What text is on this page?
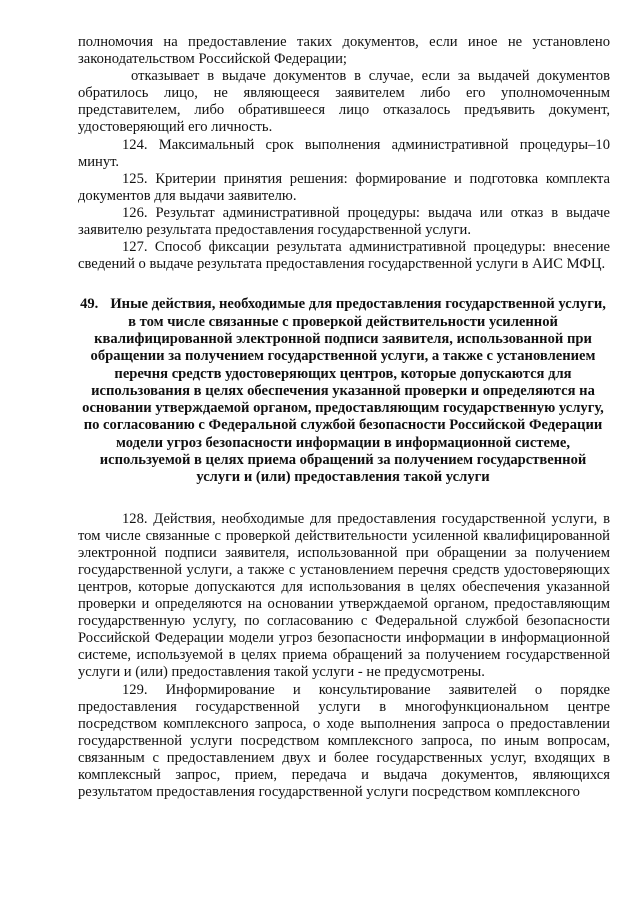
полномочия на предоставление таких документов, если иное не установлено законодательством Российской Федерации;

отказывает в выдаче документов в случае, если за выдачей документов обратилось лицо, не являющееся заявителем либо его уполномоченным представителем, либо обратившееся лицо отказалось предъявить документ, удостоверяющий его личность.

124. Максимальный срок выполнения административной процедуры–10 минут.

125. Критерии принятия решения: формирование и подготовка комплекта документов для выдачи заявителю.

126. Результат административной процедуры: выдача или отказ в выдаче заявителю результата предоставления государственной услуги.

127. Способ фиксации результата административной процедуры: внесение сведений о выдаче результата предоставления государственной услуги в АИС МФЦ.

49. Иные действия, необходимые для предоставления государственной услуги, в том числе связанные с проверкой действительности усиленной квалифицированной электронной подписи заявителя, использованной при обращении за получением государственной услуги, а также с установлением перечня средств удостоверяющих центров, которые допускаются для использования в целях обеспечения указанной проверки и определяются на основании утверждаемой органом, предоставляющим государственную услугу, по согласованию с Федеральной службой безопасности Российской Федерации модели угроз безопасности информации в информационной системе, используемой в целях приема обращений за получением государственной услуги и (или) предоставления такой услуги

128. Действия, необходимые для предоставления государственной услуги, в том числе связанные с проверкой действительности усиленной квалифицированной электронной подписи заявителя, использованной при обращении за получением государственной услуги, а также с установлением перечня средств удостоверяющих центров, которые допускаются для использования в целях обеспечения указанной проверки и определяются на основании утверждаемой органом, предоставляющим государственную услугу, по согласованию с Федеральной службой безопасности Российской Федерации модели угроз безопасности информации в информационной системе, используемой в целях приема обращений за получением государственной услуги и (или) предоставления такой услуги - не предусмотрены.

129. Информирование и консультирование заявителей о порядке предоставления государственной услуги в многофункциональном центре посредством комплексного запроса, о ходе выполнения запроса о предоставлении государственной услуги посредством комплексного запроса, по иным вопросам, связанным с предоставлением двух и более государственных услуг, входящих в комплексный запрос, прием, передача и выдача документов, являющихся результатом предоставления государственной услуги посредством комплексного
